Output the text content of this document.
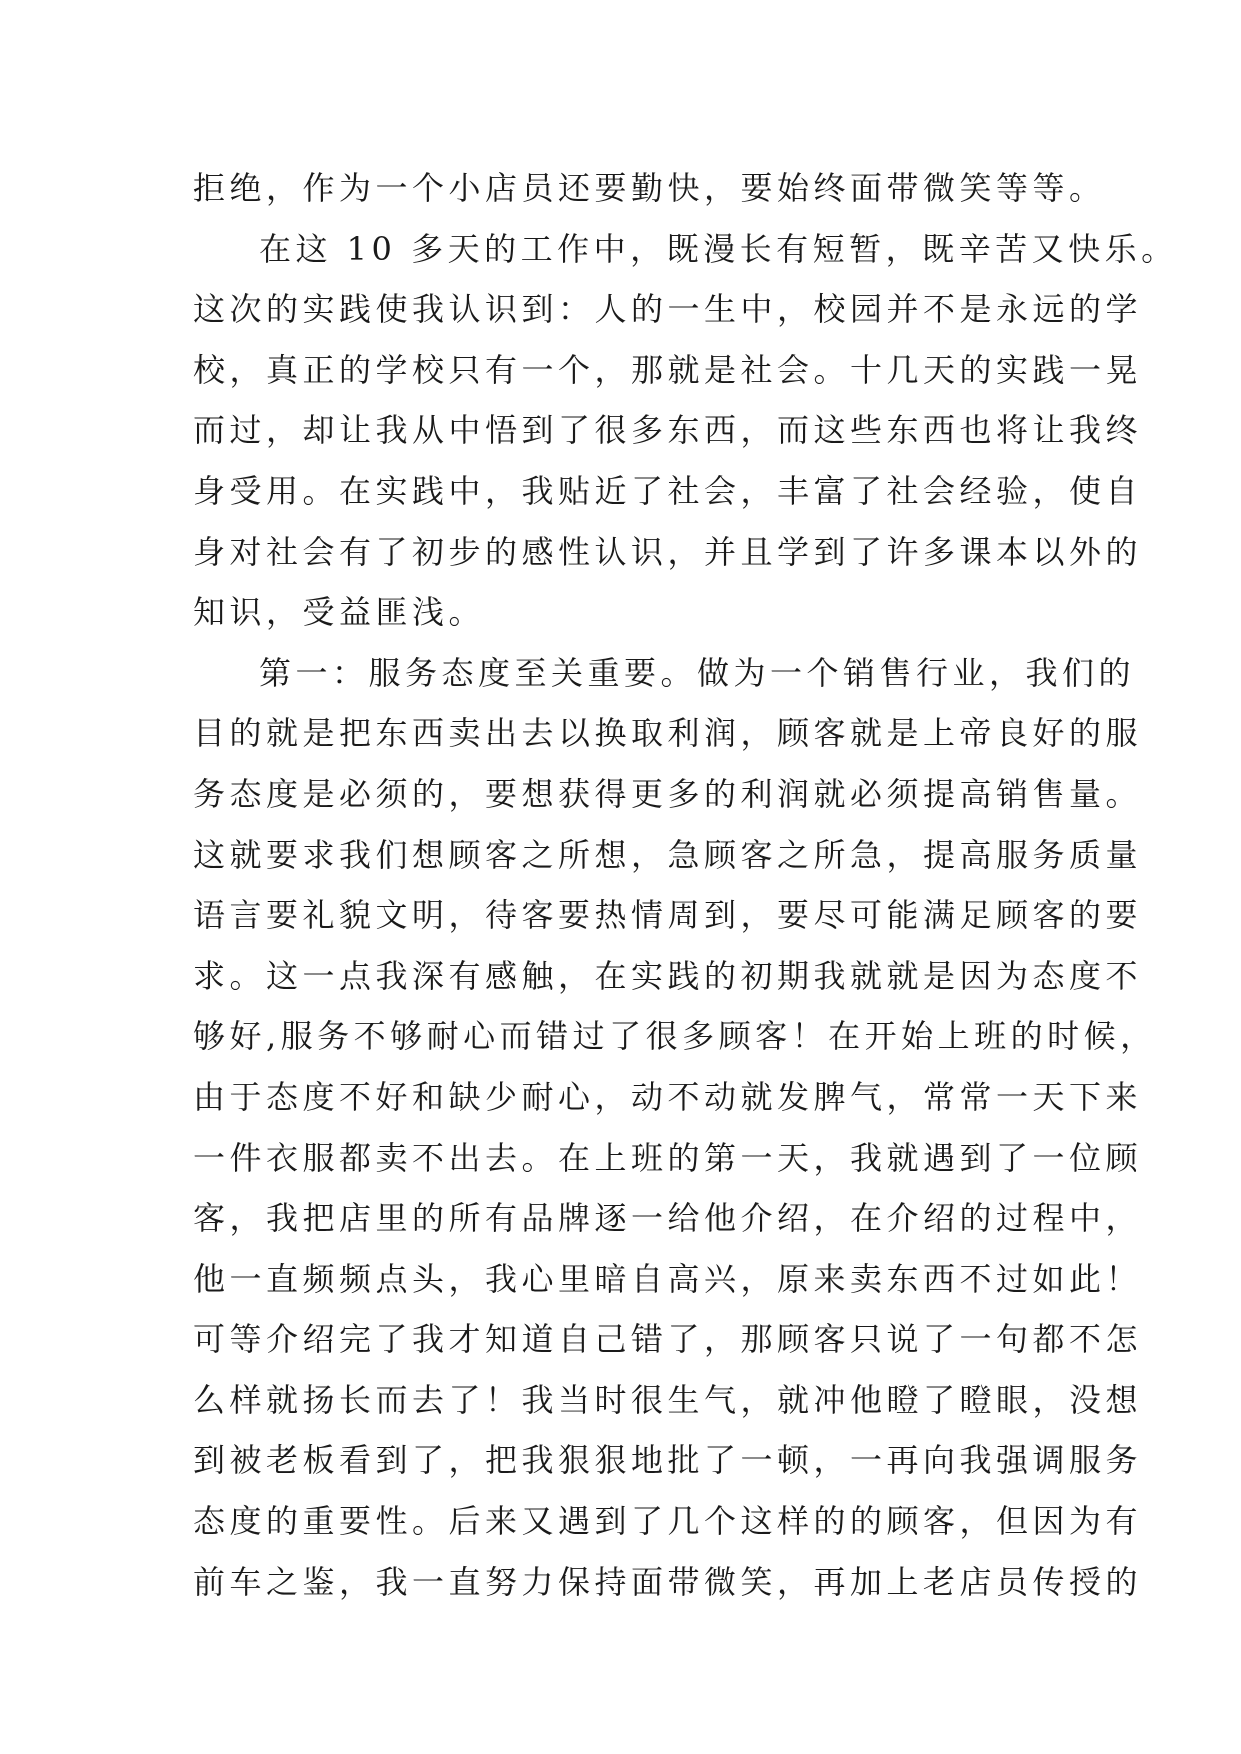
拒绝，作为一个小店员还要勤快，要始终面带微笑等等。
在这 10 多天的工作中，既漫长有短暂，既辛苦又快乐。
这次的实践使我认识到：人的一生中，校园并不是永远的学
校，真正的学校只有一个，那就是社会。十几天的实践一晃
而过，却让我从中悟到了很多东西，而这些东西也将让我终
身受用。在实践中，我贴近了社会，丰富了社会经验，使自
身对社会有了初步的感性认识，并且学到了许多课本以外的
知识，受益匪浅。
第一：服务态度至关重要。做为一个销售行业，我们的
目的就是把东西卖出去以换取利润，顾客就是上帝良好的服
务态度是必须的，要想获得更多的利润就必须提高销售量。
这就要求我们想顾客之所想，急顾客之所急，提高服务质量
语言要礼貌文明，待客要热情周到，要尽可能满足顾客的要
求。这一点我深有感触，在实践的初期我就就是因为态度不
够好,服务不够耐心而错过了很多顾客！在开始上班的时候，
由于态度不好和缺少耐心，动不动就发脾气，常常一天下来
一件衣服都卖不出去。在上班的第一天，我就遇到了一位顾
客，我把店里的所有品牌逐一给他介绍，在介绍的过程中，
他一直频频点头，我心里暗自高兴，原来卖东西不过如此！
可等介绍完了我才知道自己错了，那顾客只说了一句都不怎
么样就扬长而去了！我当时很生气，就冲他瞪了瞪眼，没想
到被老板看到了，把我狠狠地批了一顿，一再向我强调服务
态度的重要性。后来又遇到了几个这样的的顾客，但因为有
前车之鉴，我一直努力保持面带微笑，再加上老店员传授的
